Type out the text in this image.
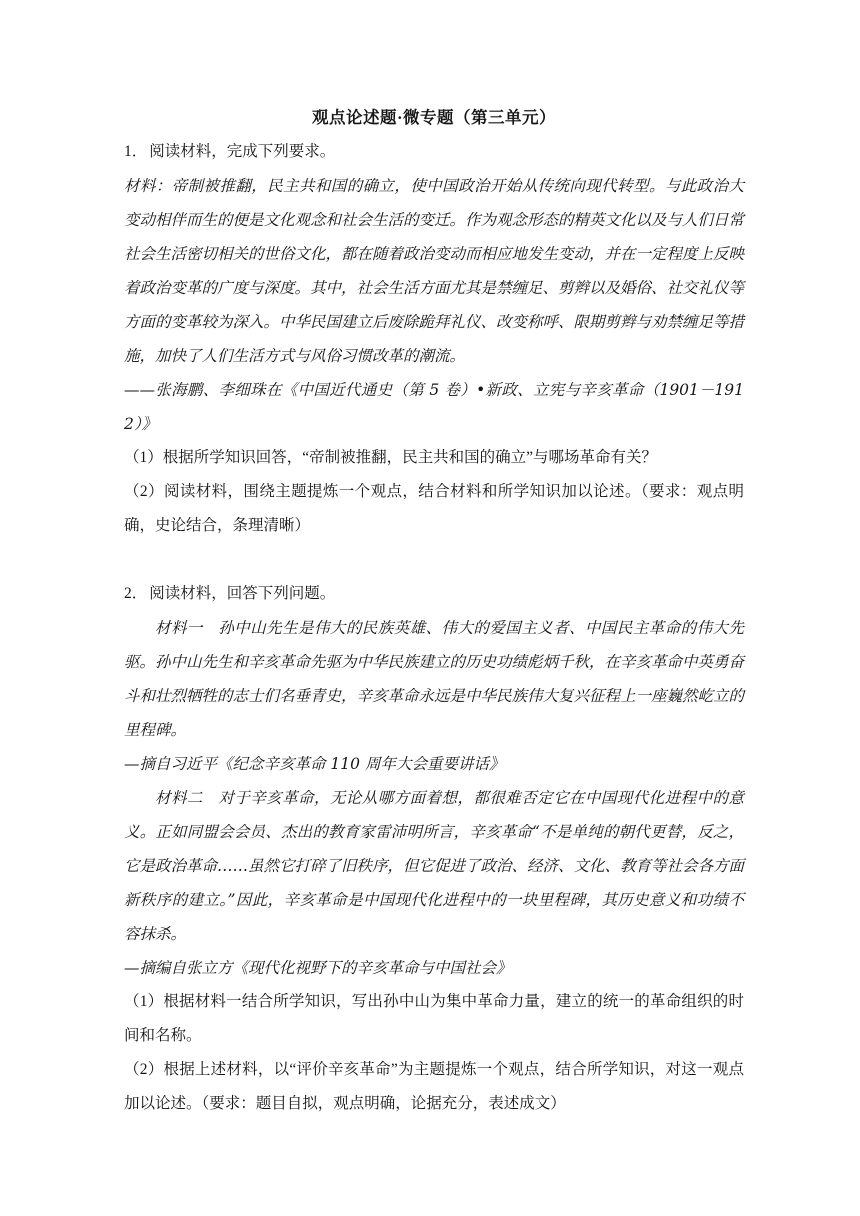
观点论述题·微专题（第三单元）

1． 阅读材料，完成下列要求。

材料：帝制被推翻，民主共和国的确立，使中国政治开始从传统向现代转型。与此政治大变动相伴而生的便是文化观念和社会生活的变迁。作为观念形态的精英文化以及与人们日常社会生活密切相关的世俗文化，都在随着政治变动而相应地发生变动，并在一定程度上反映着政治变革的广度与深度。其中，社会生活方面尤其是禁缠足、剪辫以及婚俗、社交礼仪等方面的变革较为深入。中华民国建立后废除跪拜礼仪、改变称呼、限期剪辫与劝禁缠足等措施，加快了人们生活方式与风俗习惯改革的潮流。

——张海鹏、李细珠在《中国近代通史（第 5 卷）•新政、立宪与辛亥革命（1901－1912）》

（1）根据所学知识回答，“帝制被推翻，民主共和国的确立”与哪场革命有关？

（2）阅读材料，围绕主题提炼一个观点，结合材料和所学知识加以论述。（要求：观点明确，史论结合，条理清晰）

2． 阅读材料，回答下列问题。

材料一 孙中山先生是伟大的民族英雄、伟大的爱国主义者、中国民主革命的伟大先驱。孙中山先生和辛亥革命先驱为中华民族建立的历史功绩彪炳千秋，在辛亥革命中英勇奋斗和壮烈牺牲的志士们名垂青史，辛亥革命永远是中华民族伟大复兴征程上一座巍然屹立的里程碑。

—摘自习近平《纪念辛亥革命 110 周年大会重要讲话》

材料二 对于辛亥革命，无论从哪方面着想，都很难否定它在中国现代化进程中的意义。正如同盟会会员、杰出的教育家雷沛明所言，辛亥革命“不是单纯的朝代更替，反之，它是政治革命……虽然它打碎了旧秩序，但它促进了政治、经济、文化、教育等社会各方面新秩序的建立。”因此，辛亥革命是中国现代化进程中的一块里程碑，其历史意义和功绩不容抹杀。

—摘编自张立方《现代化视野下的辛亥革命与中国社会》

（1）根据材料一结合所学知识，写出孙中山为集中革命力量，建立的统一的革命组织的时间和名称。

（2）根据上述材料，以“评价辛亥革命”为主题提炼一个观点，结合所学知识，对这一观点加以论述。（要求：题目自拟，观点明确，论据充分，表述成文）
